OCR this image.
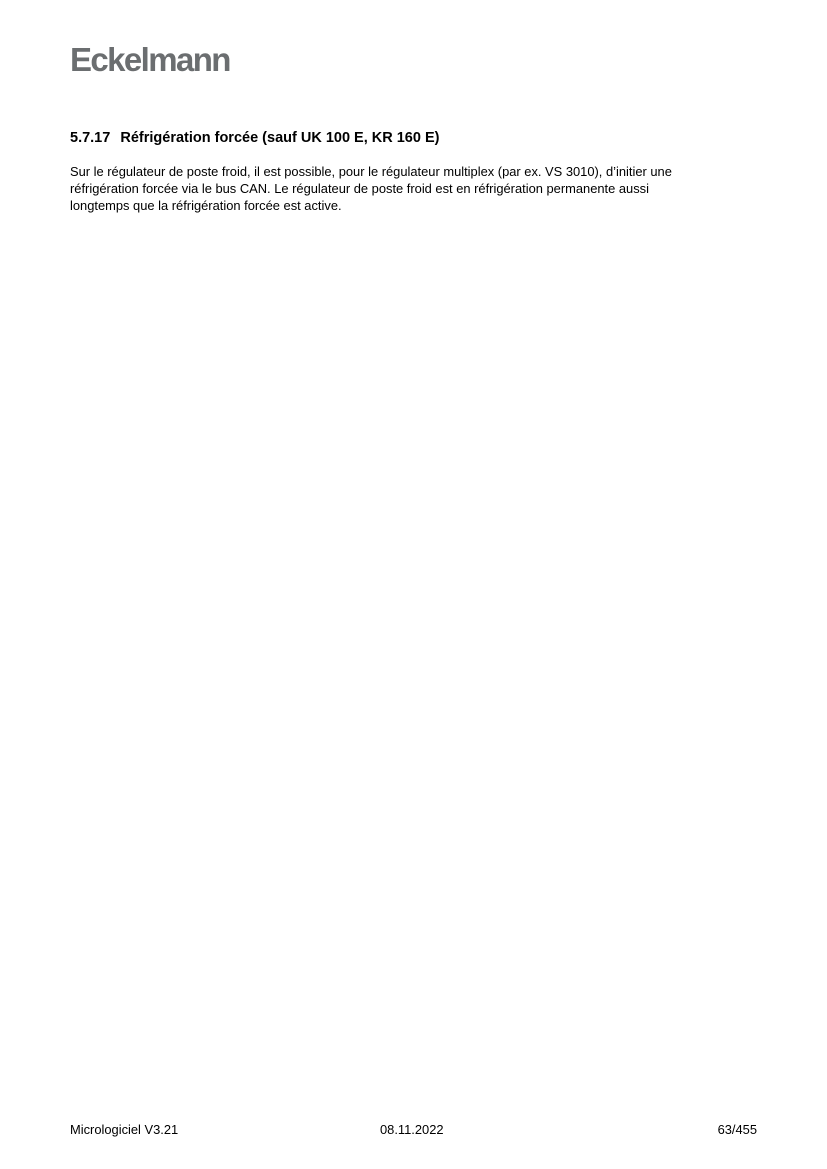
Eckelmann
5.7.17 Réfrigération forcée (sauf UK 100 E, KR 160 E)

Sur le régulateur de poste froid, il est possible, pour le régulateur multiplex (par ex. VS 3010), d’initier une

réfrigération forcée via le bus CAN. Le régulateur de poste froid est en réfrigération permanente aussi

longtemps que la réfrigération forcée est active.

Micrologiciel V3.21	08.11.2022	63/455
